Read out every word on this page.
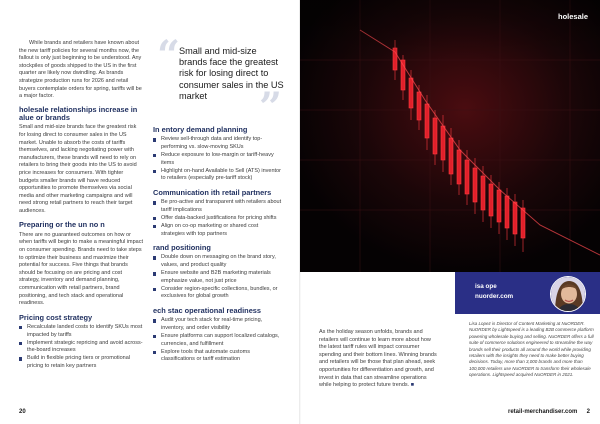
While brands and retailers have known about the new tariff policies for several months now, the fallout is only just beginning to be understood. Any stockpiles of goods shipped to the US in the first quarter are likely now dwindling. As brands strategize production runs for 2026 and retail buyers contemplate orders for spring, tariffs will be a major factor.

holesale relationships increase in alue or brands

Small and mid-size brands face the greatest risk for losing direct to consumer sales in the US market. Unable to absorb the costs of tariffs themselves, and lacking negotiating power with manufacturers, these brands will need to rely on retailers to bring their goods into the US to avoid price increases for consumers. With tighter budgets smaller brands will have reduced opportunities to promote themselves via social media and other marketing campaigns and will need strong retail partners to reach their target audiences.

Preparing or the un no n

There are no guaranteed outcomes on how or when tariffs will begin to make a meaningful impact on consumer spending. Brands need to take steps to optimize their business and maximize their potential for success. Five things that brands should be focusing on are pricing and cost strategy, inventory and demand planning, communication with retail partners, brand positioning, and tech stack and operational readiness.

Pricing cost strategy
Recalculate landed costs to identify SKUs most impacted by tariffs
Implement strategic repricing and avoid across-the-board increases
Build in flexible pricing tiers or promotional pricing to retain key partners
“
Small and mid-size brands face the greatest risk for losing direct to consumer sales in the US market	”
In entory demand planning
Review sell-through data and identify top-performing vs. slow-moving SKUs
Reduce exposure to low-margin or tariff-heavy items
Highlight on-hand Available to Sell (ATS) inventor to retailers (especially pre-tariff stock)
Communication ith retail partners
Be pro-active and transparent with retailers about tariff implications
Offer data-backed justifications for pricing shifts
Align on co-op marketing or shared cost strategies with top partners
rand positioning
Double down on messaging on the brand story, values, and product quality
Ensure website and B2B marketing materials emphasize value, not just price
Consider region-specific collections, bundles, or exclusives for global growth
ech stac operational readiness
Audit your tech stack for real-time pricing, inventory, and order visibility
Ensure platforms can support localized catalogs, currencies, and fulfillment
Explore tools that automate customs classifications or tariff estimation
20
holesale

As the holiday season unfolds, brands and retailers will continue to learn more about how the latest tariff rules will impact consumer spending and their bottom lines. Winning brands and retailers will be those that plan ahead, seek opportunities for differentiation and growth, and invest in data that can streamline operations while helping to protect future trends. ■

isa ope
nuorder.com
Lisa Lopez is Director of Content Marketing at NuORDER. NuORDER by Lightspeed is a leading B2B commerce platform powering wholesale buying and selling. NuORDER offers a full suite of commerce solutions engineered to streamline the way brands sell their products all around the world while providing retailers with the insights they need to make better buying decisions. Today, more than 3,000 brands and more than 100,000 retailers use NuORDER to transform their wholesale operations. Lightspeed acquired NuORDER in 2021.
retail-merchandiser.com 2
